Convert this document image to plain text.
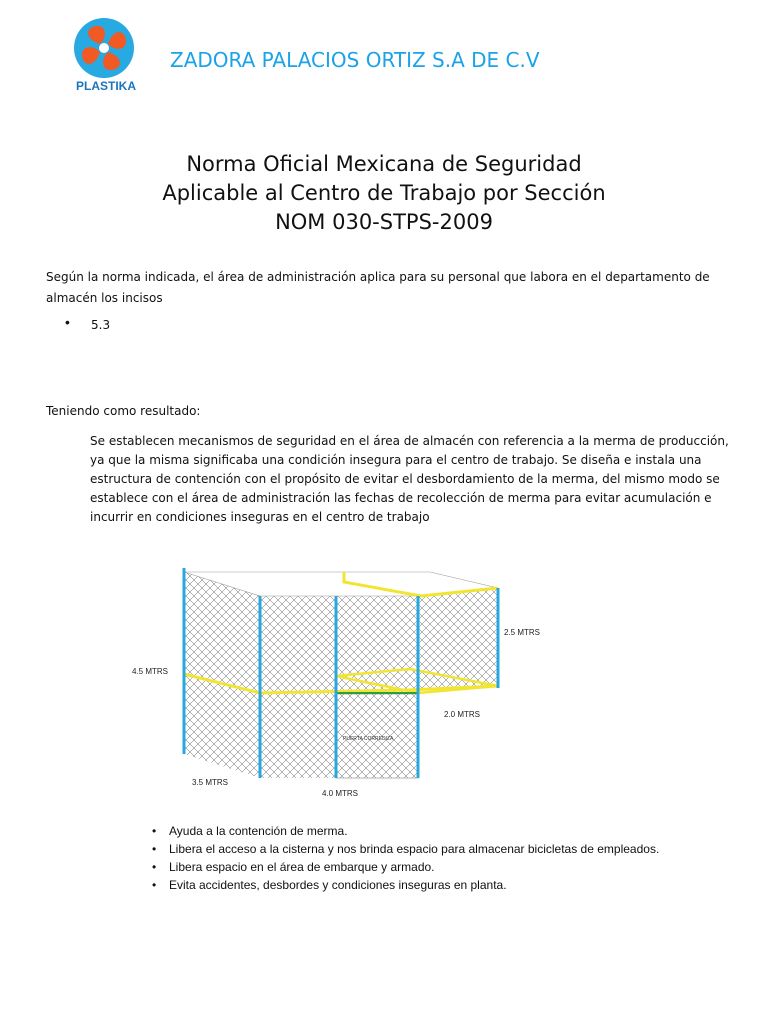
PLASTIKA
ZADORA PALACIOS ORTIZ S.A DE C.V
Norma Oficial Mexicana de Seguridad
Aplicable al Centro de Trabajo por Sección
NOM 030-STPS-2009
Según la norma indicada, el área de administración aplica para su personal que labora en el departamento de almacén los incisos
• 5.3
Teniendo como resultado:
Se establecen mecanismos de seguridad en el área de almacén con referencia a la merma de producción, ya que la misma significaba una condición insegura para el centro de trabajo. Se diseña e instala una estructura de contención con el propósito de evitar el desbordamiento de la merma, del mismo modo se establece con el área de administración las fechas de recolección de merma para evitar acumulación e incurrir en condiciones inseguras en el centro de trabajo
4.5 MTRS
2.5 MTRS
2.0 MTRS
3.5 MTRS
4.0 MTRS
PUERTA CORREDIZA
• Ayuda a la contención de merma.
• Libera el acceso a la cisterna y nos brinda espacio para almacenar bicicletas de empleados.
• Libera espacio en el área de embarque y armado.
• Evita accidentes, desbordes y condiciones inseguras en planta.
